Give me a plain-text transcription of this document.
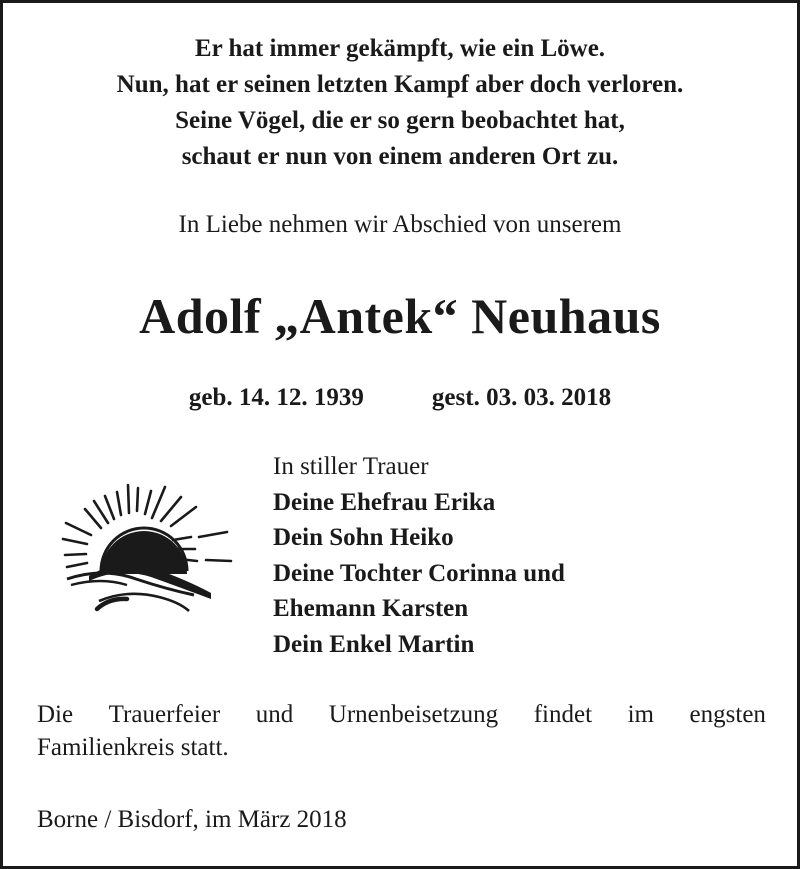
Er hat immer gekämpft, wie ein Löwe.
Nun, hat er seinen letzten Kampf aber doch verloren.
Seine Vögel, die er so gern beobachtet hat,
schaut er nun von einem anderen Ort zu.
In Liebe nehmen wir Abschied von unserem
Adolf „Antek“ Neuhaus
geb. 14. 12. 1939	gest. 03. 03. 2018
In stiller Trauer
Deine Ehefrau Erika
Dein Sohn Heiko
Deine Tochter Corinna und
Ehemann Karsten
Dein Enkel Martin
Die Trauerfeier und Urnenbeisetzung findet im engsten
Familienkreis statt.
Borne / Bisdorf, im März 2018
